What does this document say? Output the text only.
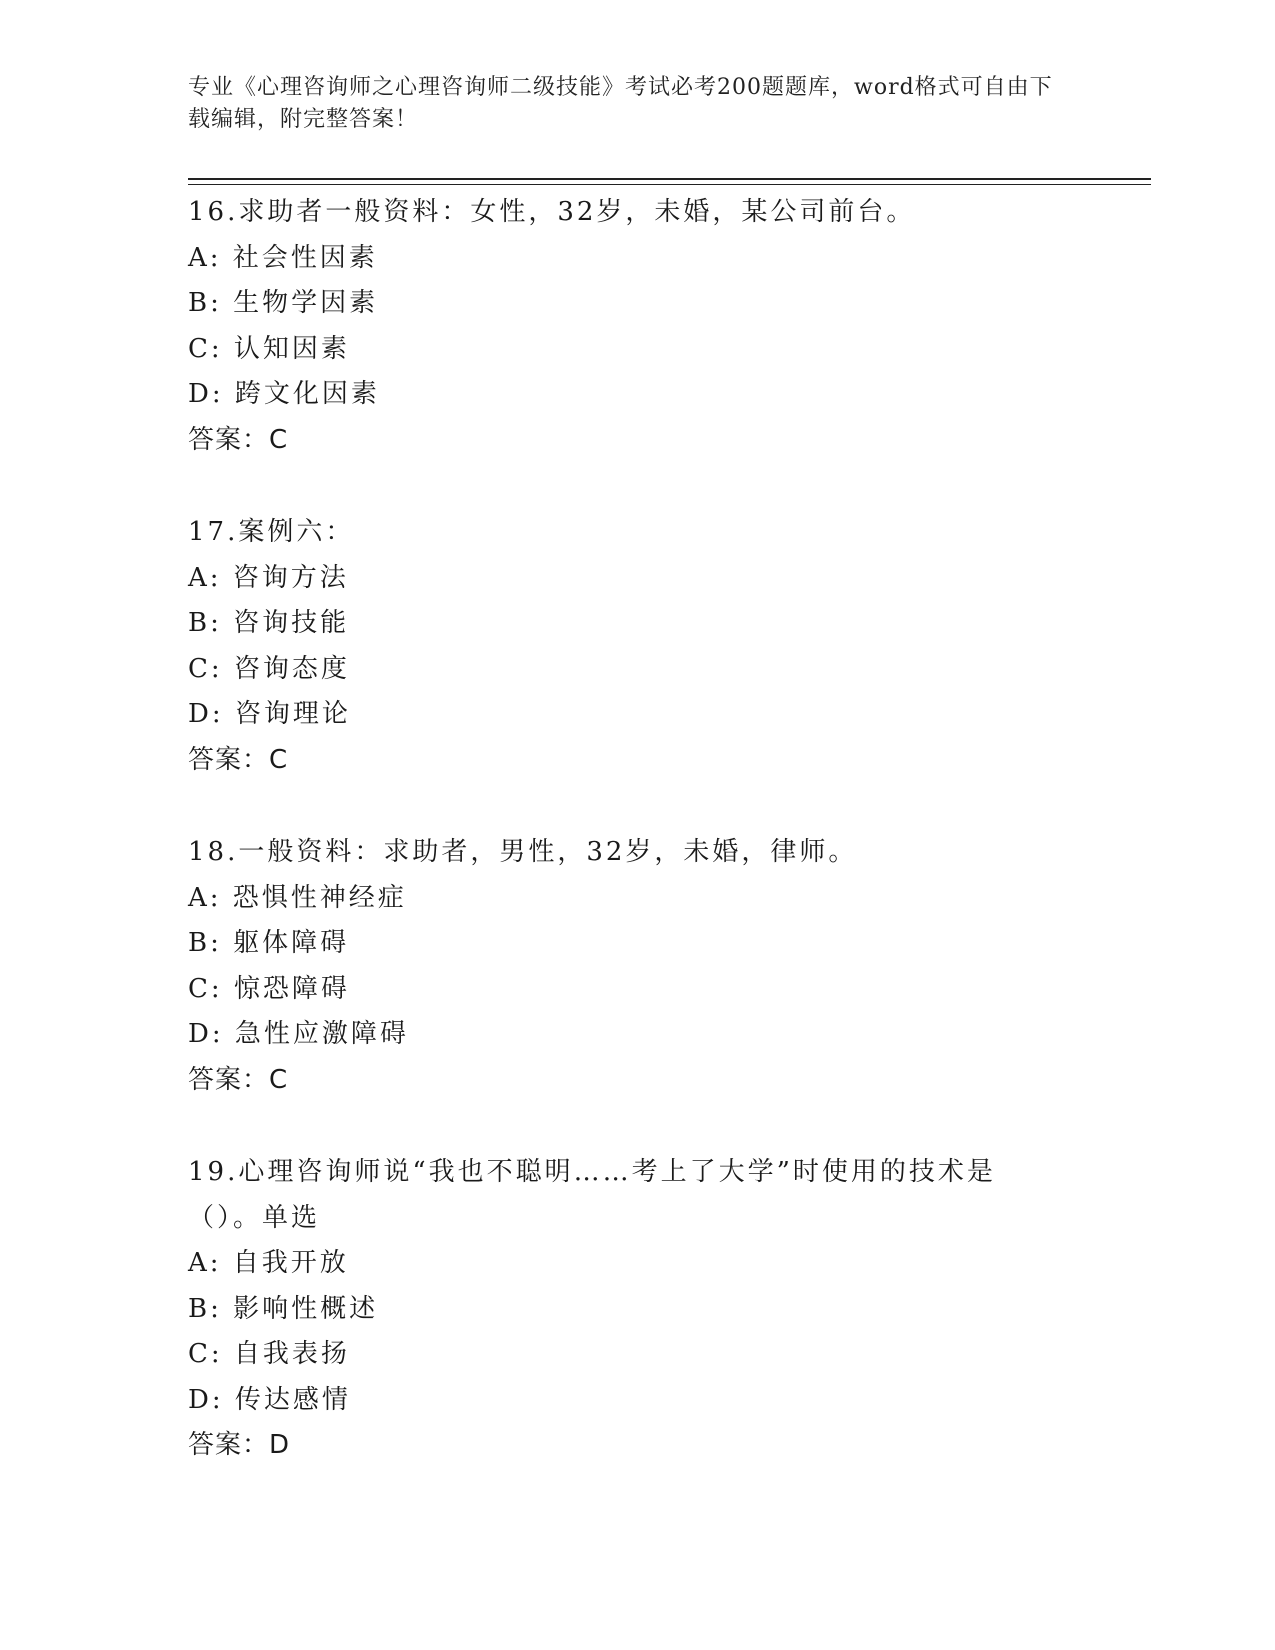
专业《心理咨询师之心理咨询师二级技能》考试必考200题题库，word格式可自由下载编辑，附完整答案！
16.求助者一般资料：女性，32岁，未婚，某公司前台。
A: 社会性因素
B: 生物学因素
C: 认知因素
D: 跨文化因素
答案：C
17.案例六：
A: 咨询方法
B: 咨询技能
C: 咨询态度
D: 咨询理论
答案：C
18.一般资料：求助者，男性，32岁，未婚，律师。
A: 恐惧性神经症
B: 躯体障碍
C: 惊恐障碍
D: 急性应激障碍
答案：C
19.心理咨询师说“我也不聪明……考上了大学”时使用的技术是（）。单选
A: 自我开放
B: 影响性概述
C: 自我表扬
D: 传达感情
答案：D
